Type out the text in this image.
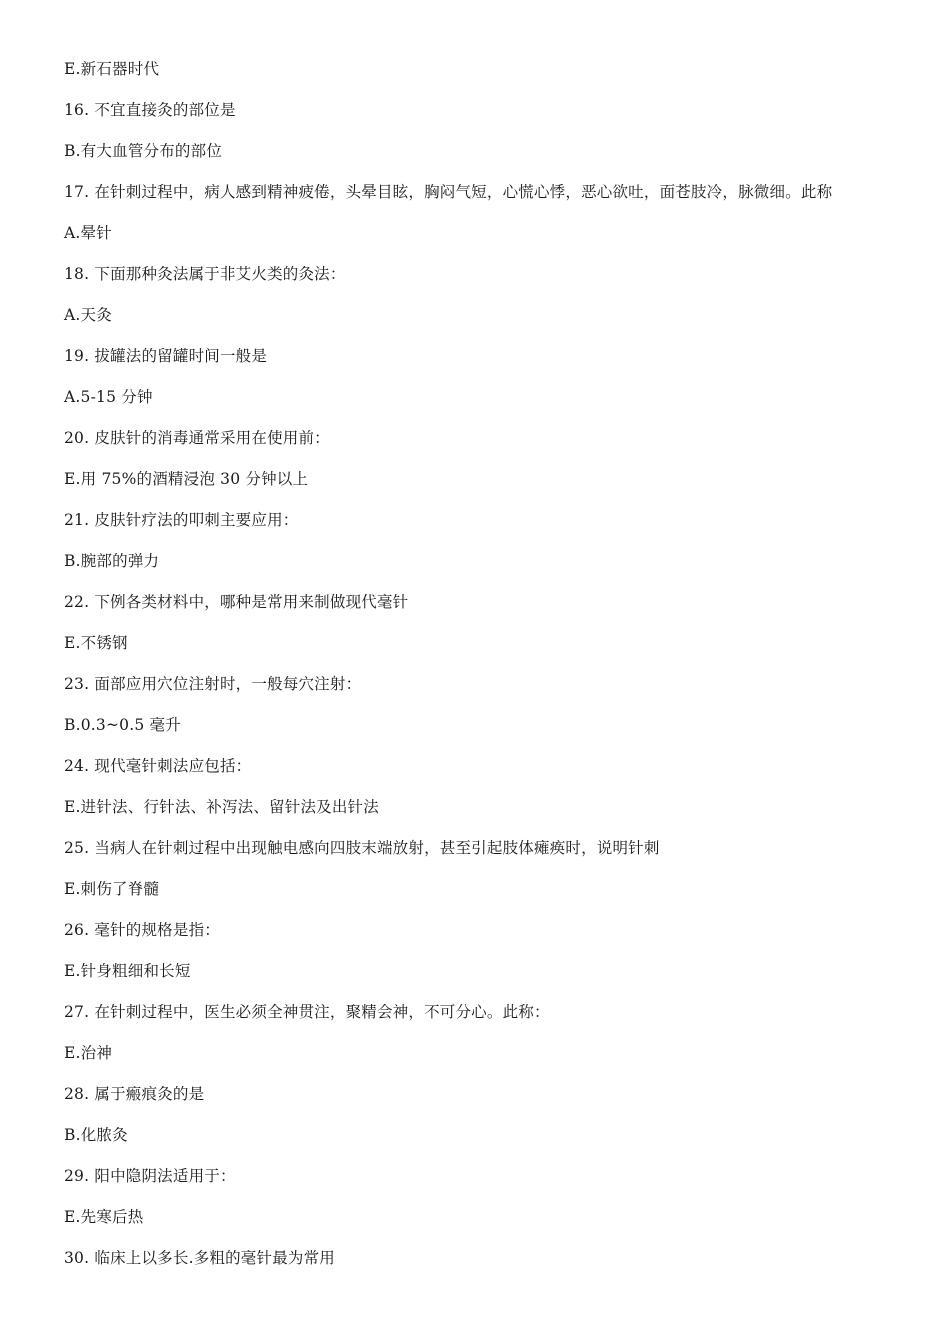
E.新石器时代
16. 不宜直接灸的部位是
B.有大血管分布的部位
17. 在针刺过程中，病人感到精神疲倦，头晕目眩，胸闷气短，心慌心悸，恶心欲吐，面苍肢冷，脉微细。此称
A.晕针
18. 下面那种灸法属于非艾火类的灸法：
A.天灸
19. 拔罐法的留罐时间一般是
A.5-15 分钟
20. 皮肤针的消毒通常采用在使用前：
E.用 75%的酒精浸泡 30 分钟以上
21. 皮肤针疗法的叩刺主要应用：
B.腕部的弹力
22. 下例各类材料中，哪种是常用来制做现代毫针
E.不锈钢
23. 面部应用穴位注射时，一般每穴注射：
B.0.3~0.5 毫升
24. 现代毫针刺法应包括：
E.进针法、行针法、补泻法、留针法及出针法
25. 当病人在针刺过程中出现触电感向四肢末端放射，甚至引起肢体瘫痪时，说明针刺
E.刺伤了脊髓
26. 毫针的规格是指：
E.针身粗细和长短
27. 在针刺过程中，医生必须全神贯注，聚精会神，不可分心。此称：
E.治神
28. 属于瘢痕灸的是
B.化脓灸
29. 阳中隐阴法适用于：
E.先寒后热
30. 临床上以多长.多粗的毫针最为常用
